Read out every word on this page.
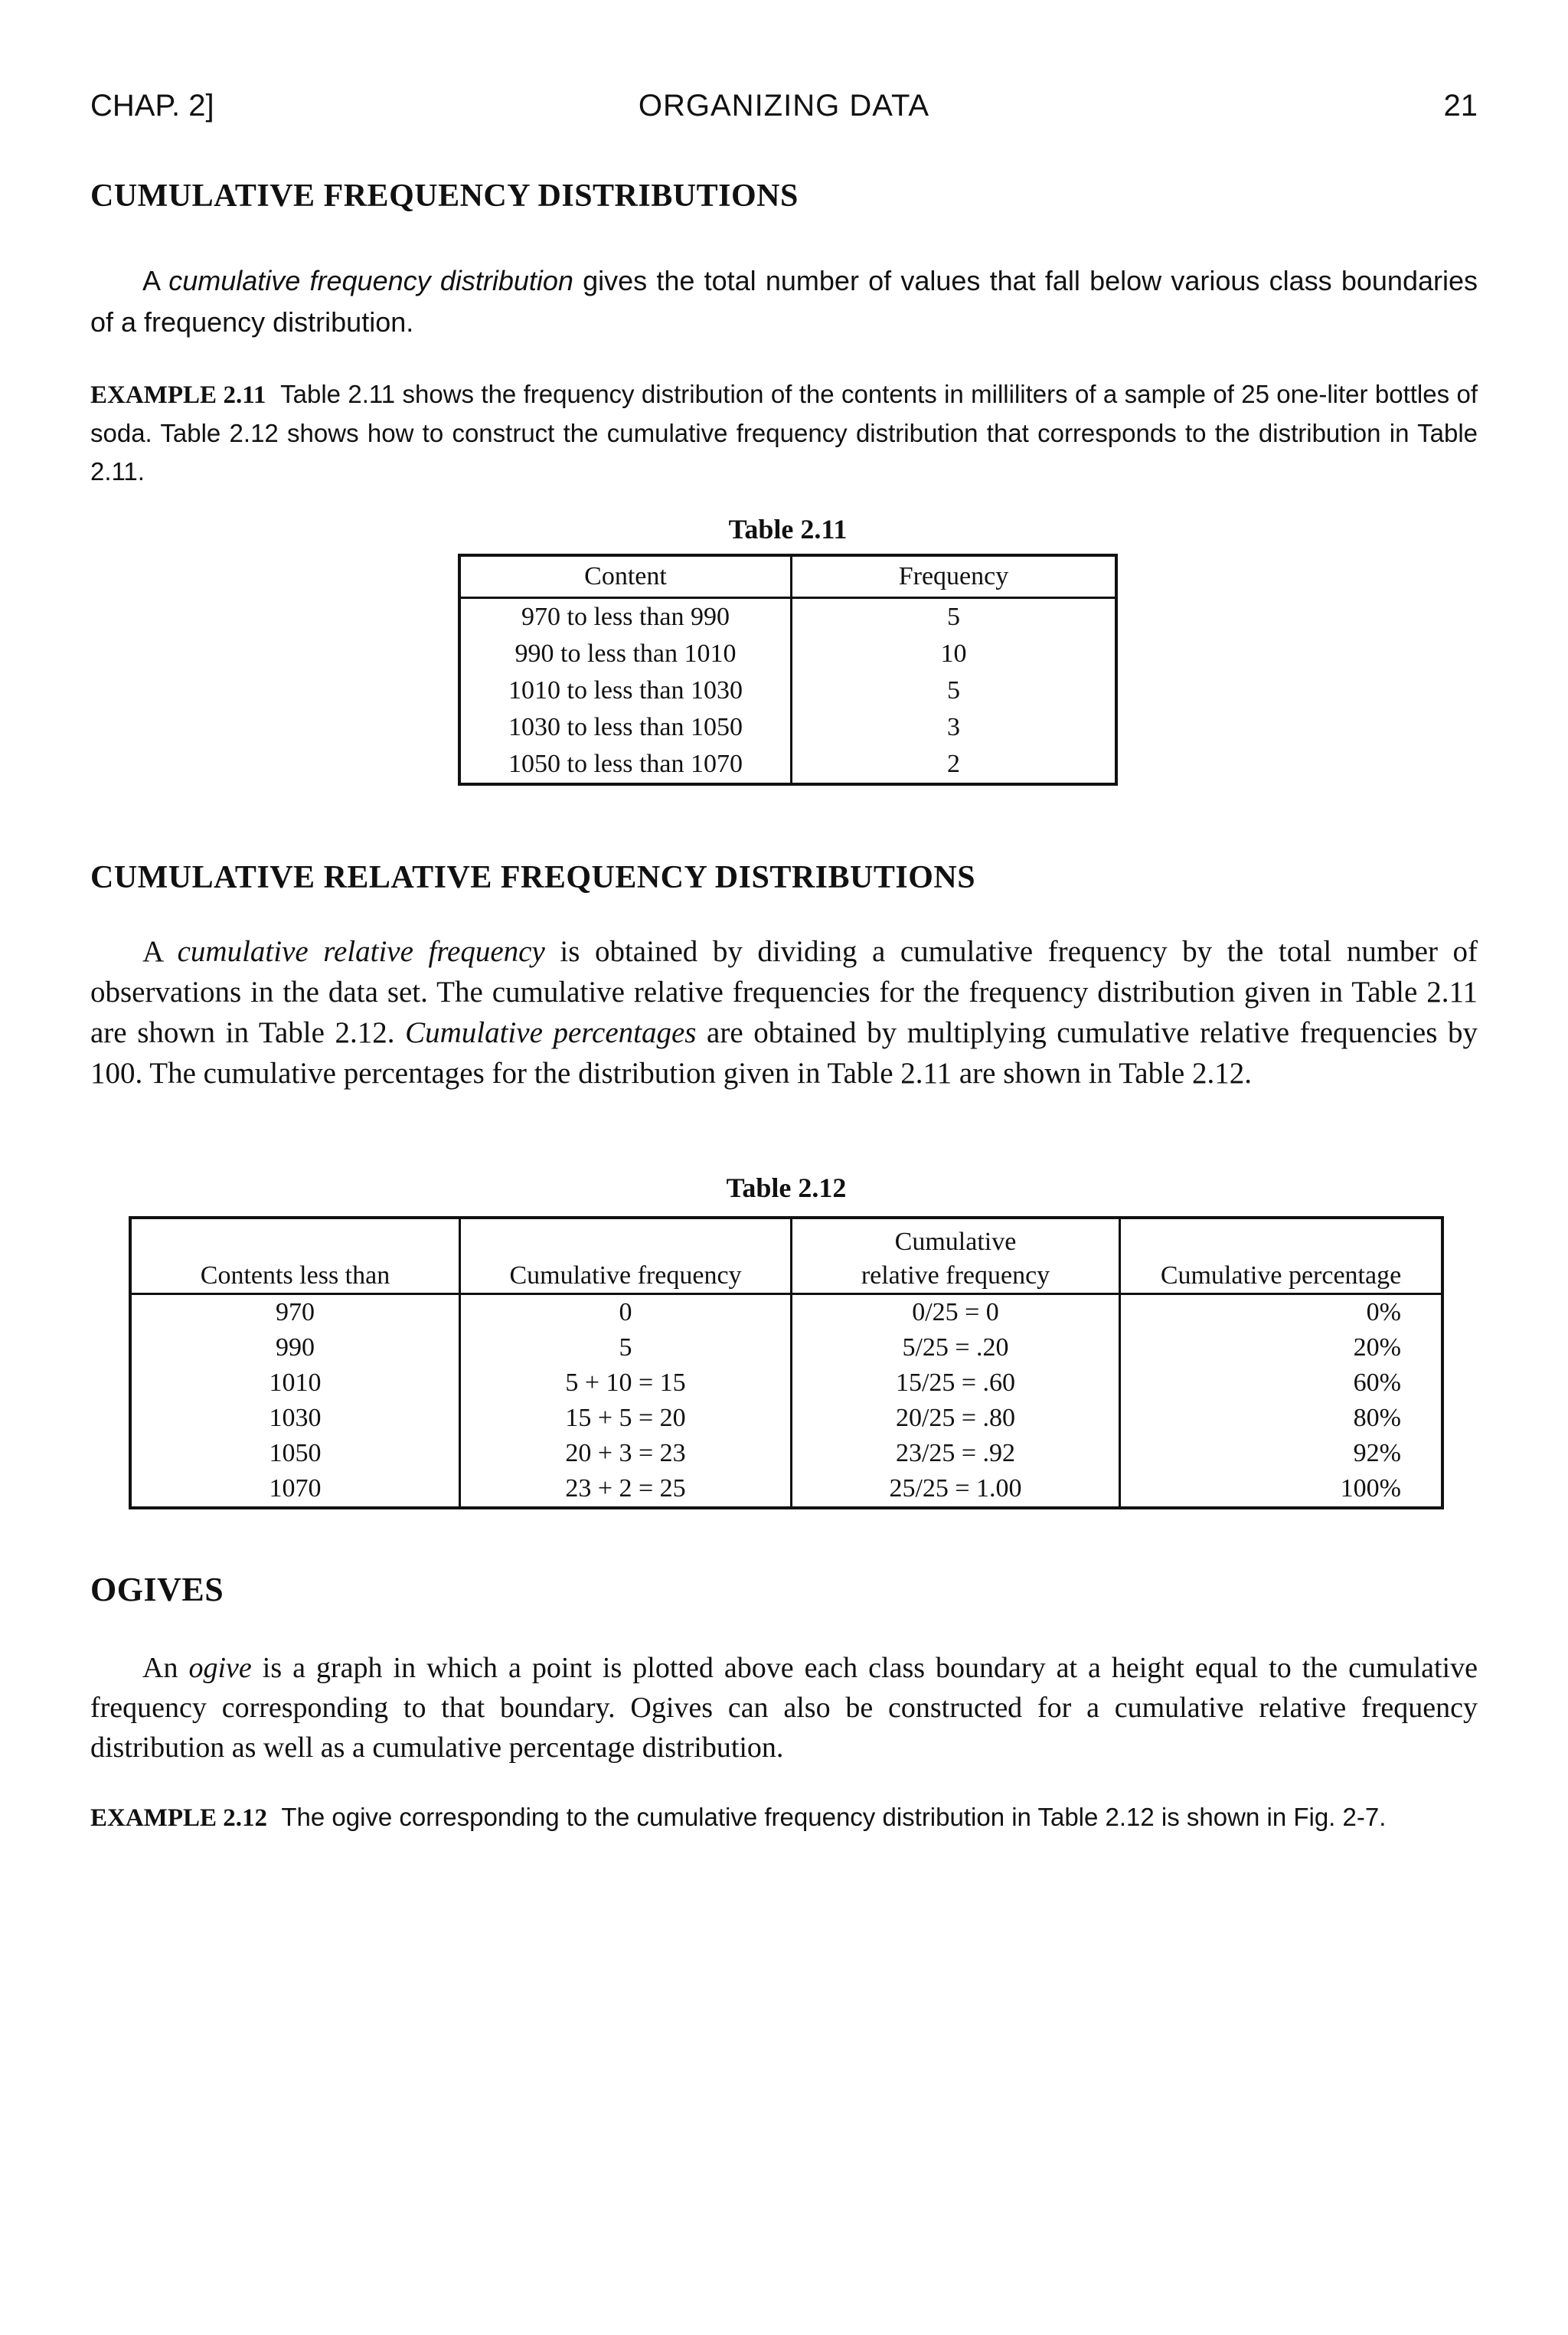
ORGANIZING DATA
CHAP. 2]	21
CUMULATIVE FREQUENCY DISTRIBUTIONS
A cumulative frequency distribution gives the total number of values that fall below various class boundaries of a frequency distribution.
EXAMPLE 2.11 Table 2.11 shows the frequency distribution of the contents in milliliters of a sample of 25 one-liter bottles of soda. Table 2.12 shows how to construct the cumulative frequency distribution that corresponds to the distribution in Table 2.11.
Table 2.11
Content	Frequency
970 to less than 990	5
990 to less than 1010	10
1010 to less than 1030	5
1030 to less than 1050	3
1050 to less than 1070	2
CUMULATIVE RELATIVE FREQUENCY DISTRIBUTIONS
A cumulative relative frequency is obtained by dividing a cumulative frequency by the total number of observations in the data set. The cumulative relative frequencies for the frequency distribution given in Table 2.11 are shown in Table 2.12. Cumulative percentages are obtained by multiplying cumulative relative frequencies by 100. The cumulative percentages for the distribution given in Table 2.11 are shown in Table 2.12.
Table 2.12
Contents less than	Cumulative frequency	Cumulative
relative frequency	Cumulative percentage
970	0	0/25 = 0	0%
990	5	5/25 = .20	20%
1010	5 + 10 = 15	15/25 = .60	60%
1030	15 + 5 = 20	20/25 = .80	80%
1050	20 + 3 = 23	23/25 = .92	92%
1070	23 + 2 = 25	25/25 = 1.00	100%
OGIVES
An ogive is a graph in which a point is plotted above each class boundary at a height equal to the cumulative frequency corresponding to that boundary. Ogives can also be constructed for a cumulative relative frequency distribution as well as a cumulative percentage distribution.
EXAMPLE 2.12 The ogive corresponding to the cumulative frequency distribution in Table 2.12 is shown in Fig. 2-7.
